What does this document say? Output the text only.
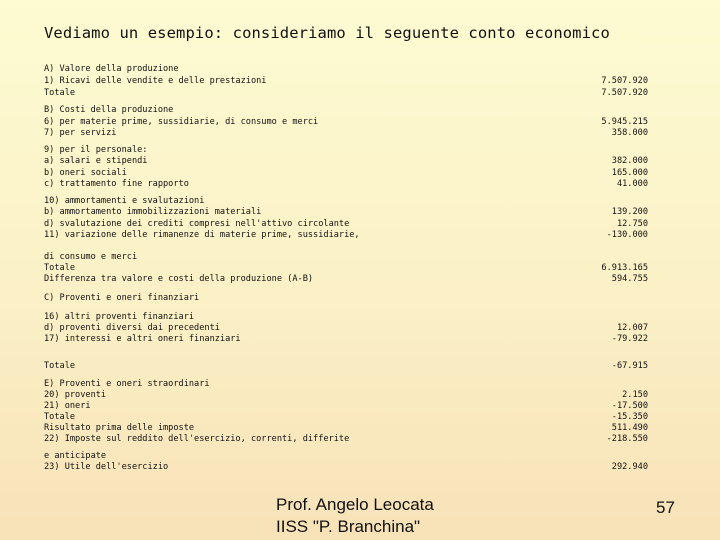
Vediamo un esempio: consideriamo il seguente conto economico
A) Valore della produzione
1) Ricavi delle vendite e delle prestazioni	7.507.920
Totale	7.507.920
B) Costi della produzione
6) per materie prime, sussidiarie, di consumo e merci	5.945.215
7) per servizi	358.000
9) per il personale:
a) salari e stipendi	382.000
b) oneri sociali	165.000
c) trattamento fine rapporto	41.000
10) ammortamenti e svalutazioni
b) ammortamento immobilizzazioni materiali	139.200
d) svalutazione dei crediti compresi nell'attivo circolante	12.750
11) variazione delle rimanenze di materie prime, sussidiarie,	-130.000
di consumo e merci
Totale	6.913.165
Differenza tra valore e costi della produzione (A-B)	594.755
C) Proventi e oneri finanziari
16) altri proventi finanziari
d) proventi diversi dai precedenti	12.007
17) interessi e altri oneri finanziari	-79.922
Totale	-67.915
E) Proventi e oneri straordinari
20) proventi	2.150
21) oneri	-17.500
Totale	-15.350
Risultato prima delle imposte	511.490
22) Imposte sul reddito dell'esercizio, correnti, differite	-218.550
e anticipate
23) Utile dell'esercizio	292.940
Prof. Angelo Leocata
IISS "P. Branchina"
57
